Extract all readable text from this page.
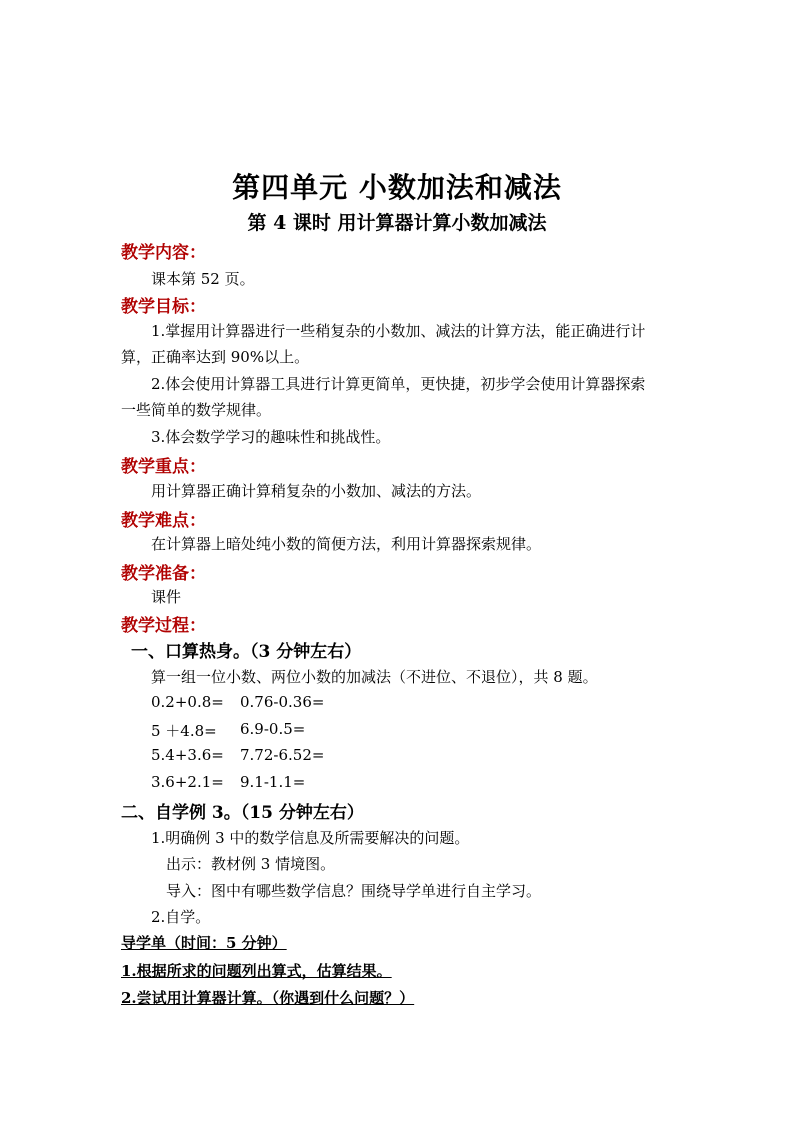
第四单元 小数加法和减法
第 4 课时 用计算器计算小数加减法
教学内容：
课本第 52 页。
教学目标：
1.掌握用计算器进行一些稍复杂的小数加、减法的计算方法，能正确进行计
算，正确率达到 90%以上。
2.体会使用计算器工具进行计算更简单，更快捷，初步学会使用计算器探索
一些简单的数学规律。
3.体会数学学习的趣味性和挑战性。
教学重点：
用计算器正确计算稍复杂的小数加、减法的方法。
教学难点：
在计算器上暗处纯小数的简便方法，利用计算器探索规律。
教学准备：
课件
教学过程：
一、口算热身。（3 分钟左右）
算一组一位小数、两位小数的加减法（不进位、不退位），共 8 题。
0.2+0.8= 0.76-0.36=
5 ＋4.8= 6.9-0.5=
5.4+3.6= 7.72-6.52=
3.6+2.1= 9.1-1.1=
二、自学例 3。（15 分钟左右）
1.明确例 3 中的数学信息及所需要解决的问题。
出示：教材例 3 情境图。
导入：图中有哪些数学信息？围绕导学单进行自主学习。
2.自学。
导学单（时间：5 分钟）
1.根据所求的问题列出算式，估算结果。
2.尝试用计算器计算。（你遇到什么问题？）
